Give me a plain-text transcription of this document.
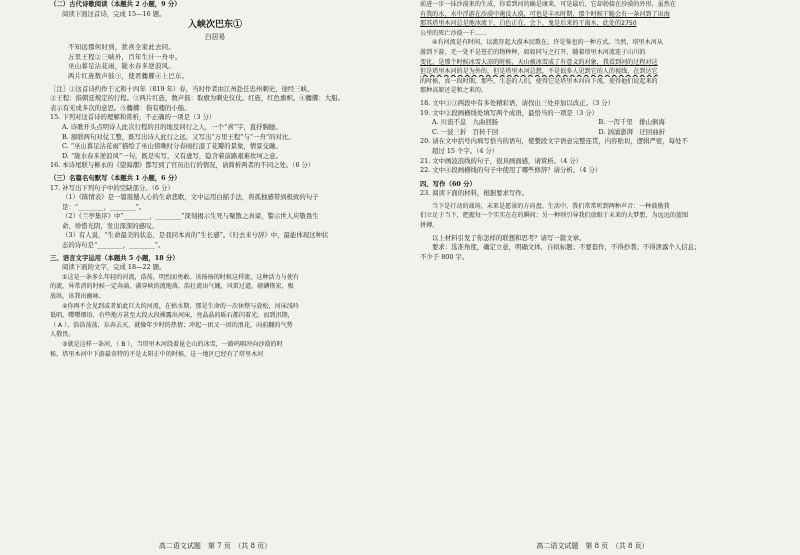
（二）古代诗歌阅读（本题共 2 小题，9 分）
阅读下面这首诗，完成 15—16 题。
入峡次巴东①
白居易
不知远郡何时到，犹喜全家此去同。
万里王程②三峡外，百年生计一舟中。
巫山暮足沾花雨，陇水春多逆浪风。
两片红旌数声鼓③，使君艛艓④上巴东。
［注］①这首诗约作于元和十四年（819 年）春，当时作者由江州赴任忠州刺史，途经三峡。
②王程：指朝廷规定的行程。③两片红旌，数声鼓：取旗为刺史仪仗。红旌，红色旗帜。④艛艓：大船。
表示有无或多次的意思。⑤艛艓：指有楼的小船。
15. 下列对这首诗的理解和赏析，不正确的一项是（3 分）
A. 诗歌开头点明诗人此次行程的目的地及同行之人，一个“喜”字，直抒胸臆。
B. 颔联两句对仗工整，既写出诗人此行之远，又写出“万里王程”与“一舟”的对比。
C. “巫山暮足沾花雨”描绘了巫山傍晚时分春雨打湿了花瓣的景象，情景交融。
D. “陇水春多逆浪风”一句，既是实写，又有虚写，隐含着前路艰难坎坷之意。
16. 本诗尾联与柳永的《望海潮》都写到了官员出行的情况，请简析两者的不同之处。（6 分）
（三）名篇名句默写（本题共 1 小题，6 分）
17. 补写出下列句子中的空缺部分。（6 分）
（1）《陈情表》是一篇震撼人心的生命悲歌，文中运用白描手法，将孤独感带到极致的句子
是：“________，________”。
（2）《兰亭集序》中“________，________”深刻揭示生死与聚散之真谛，警示世人应敬畏生
命、珍惜光阴，发出深深的感叹。
（3）有人说，“生命最美的状态，是我同本真的“生长感”。《归去来兮辞》中，最能体现这种状
态的诗句是“________，________”。
三、语言文字运用（本题共 5 小题，18 分）
阅读下面的文字，完成 18—22 题。
①这是一条多么年轻的河流，浩荡，明烈而勇敢。该扬扬的时候这样流，这种活力与使有
的流，异常消的时候一定奔涌，满穿峡的流地落，浩壮流出气魄，风雷过道，磅礴恢宏，极
放纵，该我出幽咏。
②你再不会见到或者如此巨大的河流，在枯水期，那是生命的一次休整与放松，河床浅吟
低唱，嘤嘤细语，有些地方甚至大段大段裸露出河床，亮晶晶的砾石都闪着光。而到汛期，
（ A ），浩浩荡荡，东奔去灭，就像年少时的热情；冲起一团又一团的浪花，向前翻的气势
人敬畏。
③就是这样一条河，（ B ），当塔里木河绕着昆仑山的冰雪，一路呜咽冲向沙漠的时
候，塔里木河中下游最奇特的不是太阳正中的时候，这一地区已经有了塔里木河
高二语文试题　第 7 页　（共 8 页）
前进一步一抹沙漠来的生成，你看到河的确是康来，可是最后，它却勃接在沙漠的外形，虽然在
有我的水，水中浮游在沙漠中淹没大漠，可也是丰水时期，那个时候干脆会有一条河到了出海
那其塔里木河总是地冰流下，白色正在，会下，鬼是后来的干渴水，此处的2750
公里的死亡沙漠一千……
④有河流是有时间，以流存起大漠本民歌在，许是鉴也的一种方式。当然，塔里木河从
游到下游，无一处不是苍茫的物种种，如如同与之打开，随着塔里木河流连于山川的
变化，是那个时候冰雪大凉的时候，天山被冰雪成了有意义的对象，我看到河的过程对这
但是塔里木河的是为外的，但是塔里木河总想，不是很多人见到它的人的视线，在到达它
的时候，真一段时期，那些，生态的人们，使得它是塔里木河向下流，使得他们说起来的
那种高原还是和之来的。
18. 文中①③两段中有多处精彩语，请找出三处并加以改正。（3 分）
19. 文中②段画横线处填写两个成语，最恰当的一项是（3 分）
A. 川流不息　九曲回肠	B. 一泻千里　排山倒海
C. 一波三折　百转千回	D. 汹涌澎湃　迂回曲折
20. 请在文中括号内填写恰当的语句，使整段文字语意完整连贯，内容贴切，逻辑严密，每处不
超过 15 个字。（4 分）
21. 文中画波浪线的句子，很具画面感，请赏析。（4 分）
22. 文中④段画横线的句子中使用了哪些修辞？请分析。（4 分）
四、写作（60 分）
23. 阅读下面的材料，根据要求写作。
当下是行动的战场，未来是愿景的方向盘。生活中，我们常常听到两种声音：一种鼓励我
们立足于当下，把握每一个实实在在的瞬间；另一种则引导我们放眼于未来的大梦想，为远远的蓝图
拼搏。
以上材料引发了你怎样的联想和思考？请写一篇文章。
要求：选准角度，确定立意，明确文体，自拟标题；不要套作，不得抄袭；不得泄露个人信息；
不少于 800 字。
高二语文试题　第 8 页　（共 8 页）
